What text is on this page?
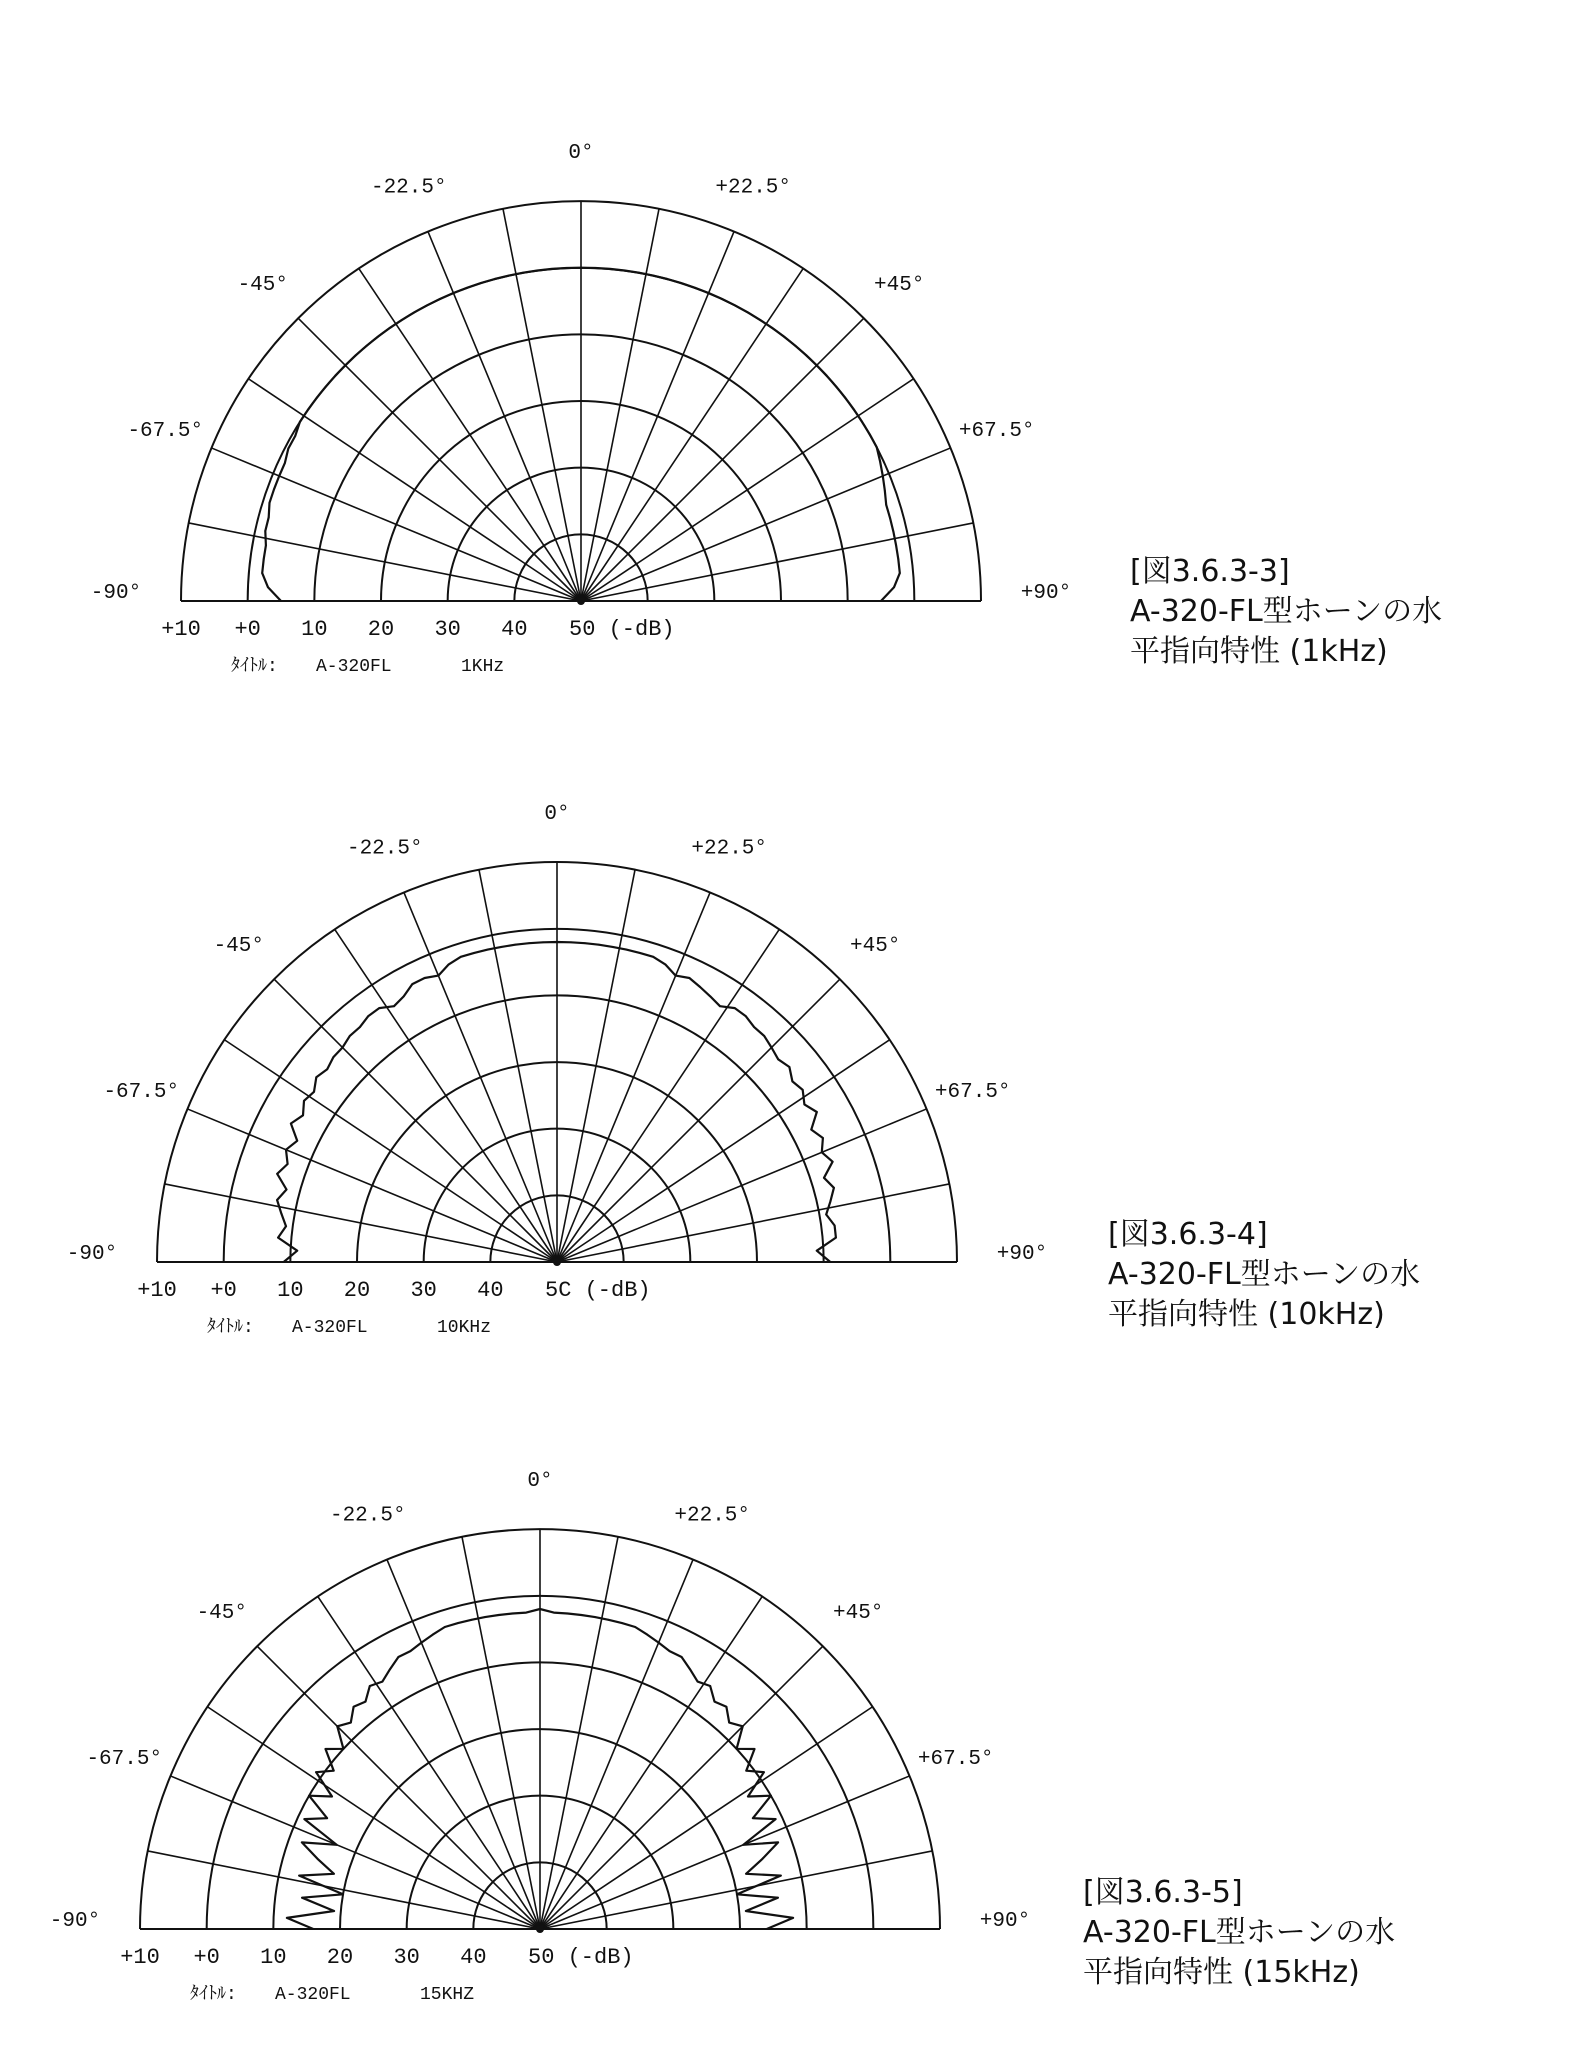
-90°
-67.5°
-45°
-22.5°
0°
+22.5°
+45°
+67.5°
+90°
+10 +0 10 20 30 40 50 (-dB)
ﾀｲﾄﾙ: A-320FL	1KHz
-90°
-67.5°
-45°
-22.5°
0°
+22.5°
+45°
+67.5°
+90°
+10 +0 10 20 30 40 5C (-dB)
ﾀｲﾄﾙ: A-320FL	10KHz
-90°
-67.5°
-45°
-22.5°
0°
+22.5°
+45°
+67.5°
+90°
+10 +0 10 20 30 40 50 (-dB)
ﾀｲﾄﾙ: A-320FL	15KHZ
[図3.6.3-3]
A-320-FL型ホーンの水
平指向特性 (1kHz)
[図3.6.3-4]
A-320-FL型ホーンの水
平指向特性 (10kHz)
[図3.6.3-5]
A-320-FL型ホーンの水
平指向特性 (15kHz)
